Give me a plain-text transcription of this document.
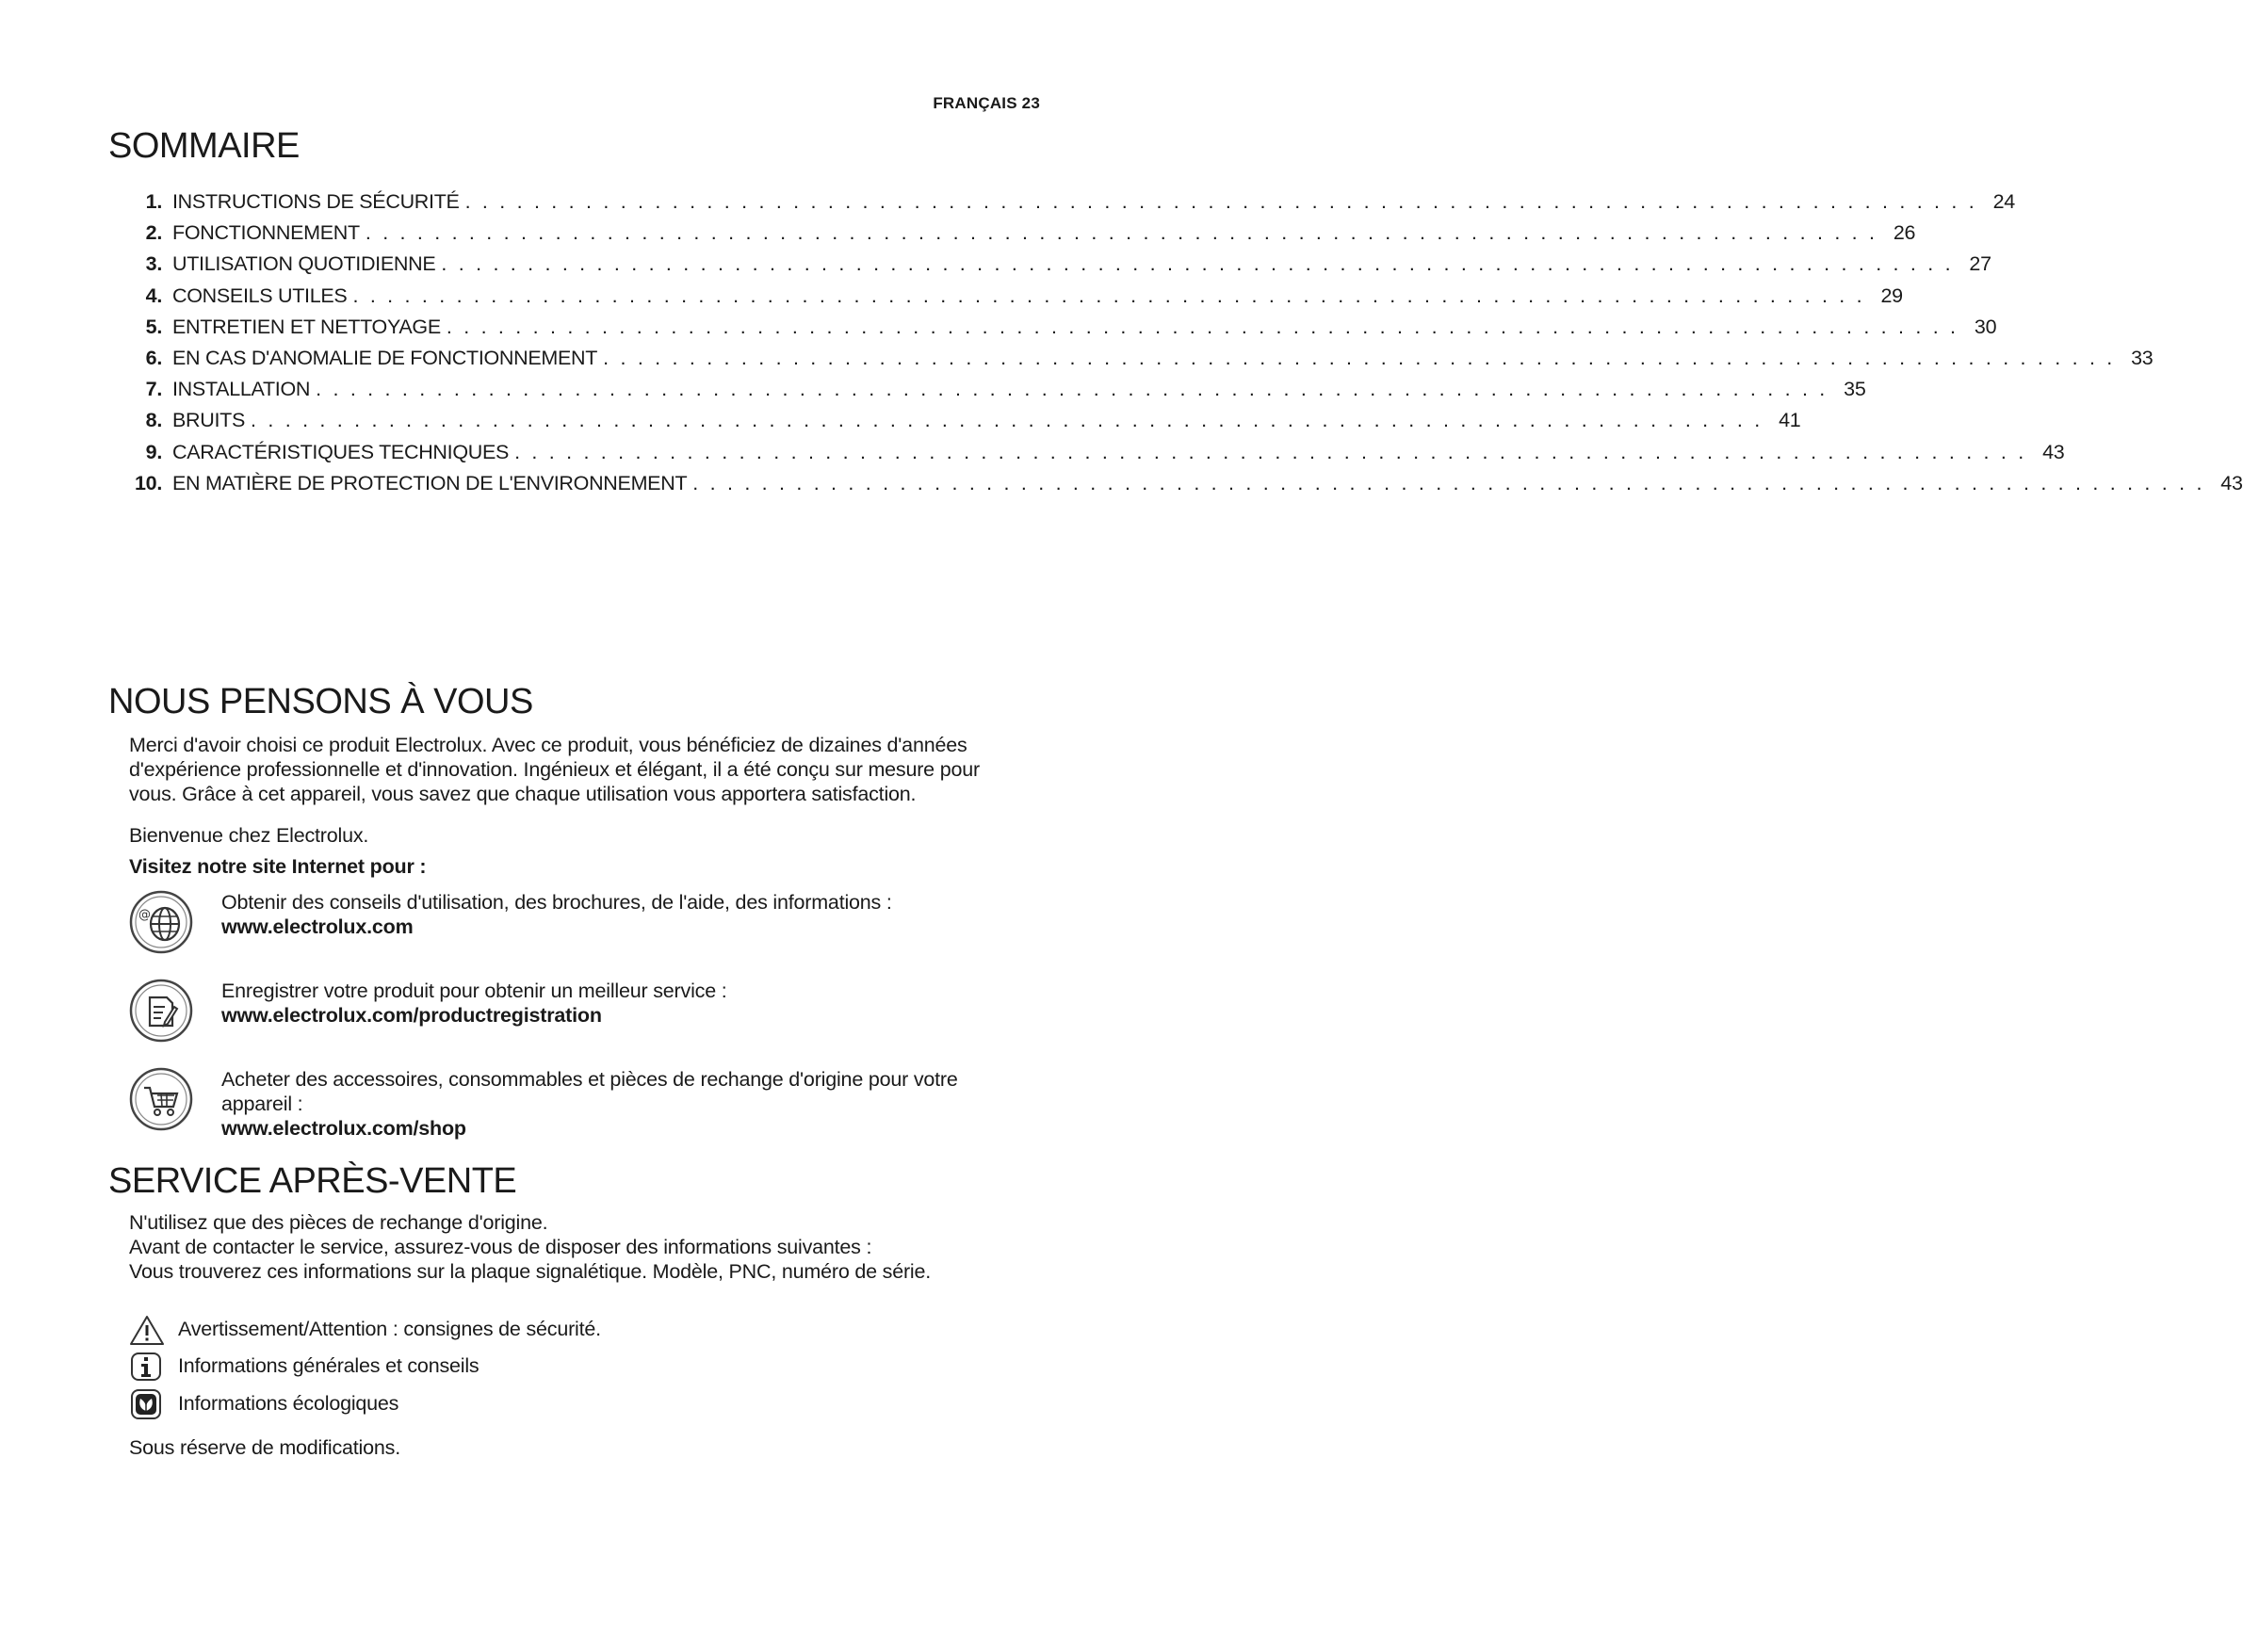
FRANÇAIS 23
SOMMAIRE
1. INSTRUCTIONS DE SÉCURITÉ . . . . . . . . . . . . . . . . . . . . . . . . . . . . . . . . . . . . . . . . . . . . . . . . . . . . . . . . . . . . . . . . . . . . . . . . . . . . . . . . . . . . . . . . 24
2. FONCTIONNEMENT . . . . . . . . . . . . . . . . . . . . . . . . . . . . . . . . . . . . . . . . . . . . . . . . . . . . . . . . . . . . . . . . . . . . . . . . . . . . . . . . . . . . . . . . 26
3. UTILISATION QUOTIDIENNE . . . . . . . . . . . . . . . . . . . . . . . . . . . . . . . . . . . . . . . . . . . . . . . . . . . . . . . . . . . . . . . . . . . . . . . . . . . . . . . . . . . . . . . . 27
4. CONSEILS UTILES . . . . . . . . . . . . . . . . . . . . . . . . . . . . . . . . . . . . . . . . . . . . . . . . . . . . . . . . . . . . . . . . . . . . . . . . . . . . . . . . . . . . . . . . 29
5. ENTRETIEN ET NETTOYAGE . . . . . . . . . . . . . . . . . . . . . . . . . . . . . . . . . . . . . . . . . . . . . . . . . . . . . . . . . . . . . . . . . . . . . . . . . . . . . . . . . . . . . . . . 30
6. EN CAS D'ANOMALIE DE FONCTIONNEMENT . . . . . . . . . . . . . . . . . . . . . . . . . . . . . . . . . . . . . . . . . . . . . . . . . . . . . . . . . . . . . . . . . . . . . . . . . . . . . . . . . . . . . . . . 33
7. INSTALLATION . . . . . . . . . . . . . . . . . . . . . . . . . . . . . . . . . . . . . . . . . . . . . . . . . . . . . . . . . . . . . . . . . . . . . . . . . . . . . . . . . . . . . . . . 35
8. BRUITS . . . . . . . . . . . . . . . . . . . . . . . . . . . . . . . . . . . . . . . . . . . . . . . . . . . . . . . . . . . . . . . . . . . . . . . . . . . . . . . . . . . . . . . . 41
9. CARACTÉRISTIQUES TECHNIQUES . . . . . . . . . . . . . . . . . . . . . . . . . . . . . . . . . . . . . . . . . . . . . . . . . . . . . . . . . . . . . . . . . . . . . . . . . . . . . . . . . . . . . . . . 43
10. EN MATIÈRE DE PROTECTION DE L'ENVIRONNEMENT . . . . . . . . . . . . . . . . . . . . . . . . . . . . . . . . . . . . . . . . . . . . . . . . . . . . . . . . . . . . . . . . . . . . . . . . . . . . . . . . . . . . . . . . 43
NOUS PENSONS À VOUS

Merci d'avoir choisi ce produit Electrolux. Avec ce produit, vous bénéficiez de dizaines d'années

d'expérience professionnelle et d'innovation. Ingénieux et élégant, il a été conçu sur mesure pour

vous. Grâce à cet appareil, vous savez que chaque utilisation vous apportera satisfaction.

Bienvenue chez Electrolux.

Visitez notre site Internet pour :

@
Obtenir des conseils d'utilisation, des brochures, de l'aide, des informations :
www.electrolux.com
Enregistrer votre produit pour obtenir un meilleur service :
www.electrolux.com/productregistration
Acheter des accessoires, consommables et pièces de rechange d'origine pour votre
appareil :
www.electrolux.com/shop
SERVICE APRÈS-VENTE

N'utilisez que des pièces de rechange d'origine.

Avant de contacter le service, assurez-vous de disposer des informations suivantes :

Vous trouverez ces informations sur la plaque signalétique. Modèle, PNC, numéro de série.

Avertissement/Attention : consignes de sécurité.
Informations générales et conseils
Informations écologiques

Sous réserve de modifications.
